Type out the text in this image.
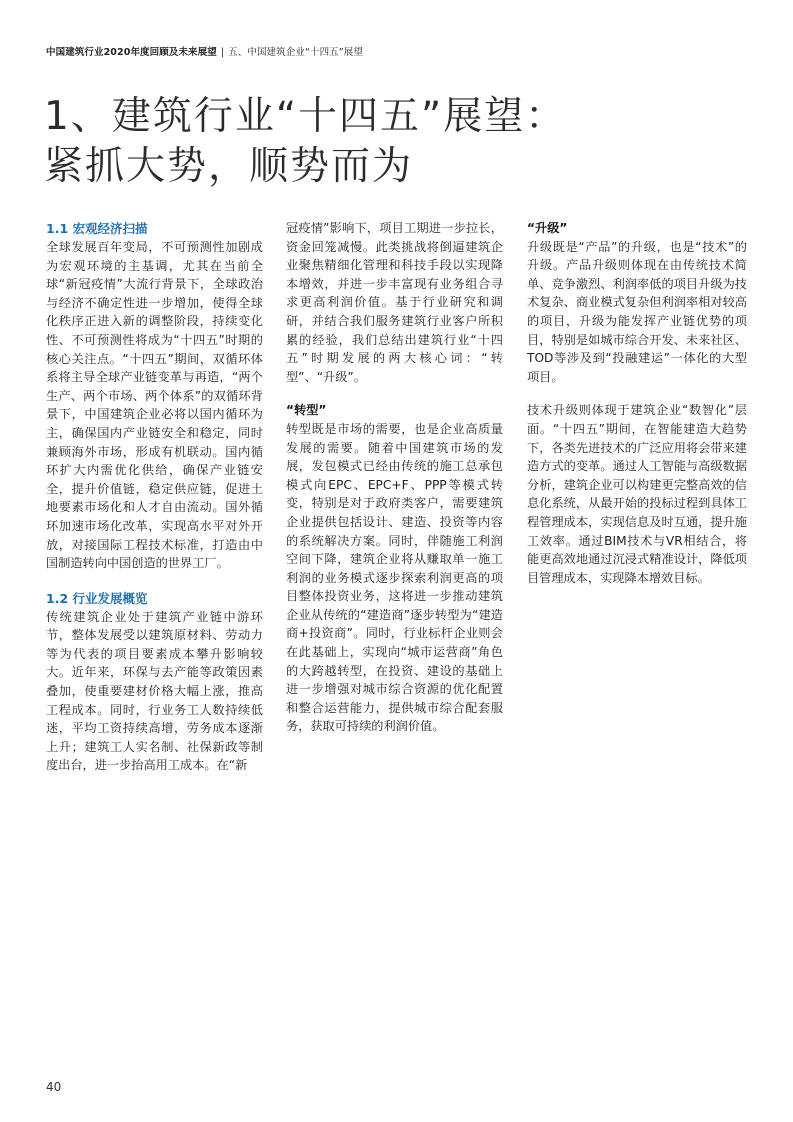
中国建筑行业2020年度回顾及未来展望 | 五、中国建筑企业“十四五”展望
1、建筑行业“十四五”展望：
紧抓大势，顺势而为
1.1 宏观经济扫描

全球发展百年变局，不可预测性加剧成为宏观环境的主基调，尤其在当前全球“新冠疫情”大流行背景下，全球政治与经济不确定性进一步增加，使得全球化秩序正进入新的调整阶段，持续变化性、不可预测性将成为“十四五”时期的核心关注点。“十四五”期间，双循环体系将主导全球产业链变革与再造，“两个生产、两个市场、两个体系”的双循环背景下，中国建筑企业必将以国内循环为主，确保国内产业链安全和稳定，同时兼顾海外市场，形成有机联动。国内循环扩大内需优化供给，确保产业链安全，提升价值链，稳定供应链，促进土地要素市场化和人才自由流动。国外循环加速市场化改革，实现高水平对外开放，对接国际工程技术标准，打造由中国制造转向中国创造的世界工厂。

1.2 行业发展概览

传统建筑企业处于建筑产业链中游环节，整体发展受以建筑原材料、劳动力等为代表的项目要素成本攀升影响较大。近年来，环保与去产能等政策因素叠加，使重要建材价格大幅上涨，推高工程成本。同时，行业务工人数持续低迷，平均工资持续高增，劳务成本逐渐上升；建筑工人实名制、社保新政等制度出台，进一步抬高用工成本。在“新

冠疫情”影响下，项目工期进一步拉长，资金回笼减慢。此类挑战将倒逼建筑企业聚焦精细化管理和科技手段以实现降本增效，并进一步丰富现有业务组合寻求更高利润价值。基于行业研究和调研，并结合我们服务建筑行业客户所积累的经验，我们总结出建筑行业“十四五”时期发展的两大核心词：“转型”、“升级”。

“转型”

转型既是市场的需要，也是企业高质量发展的需要。随着中国建筑市场的发展，发包模式已经由传统的施工总承包模式向EPC、EPC+F、PPP等模式转变，特别是对于政府类客户，需要建筑企业提供包括设计、建造、投资等内容的系统解决方案。同时，伴随施工利润空间下降，建筑企业将从赚取单一施工利润的业务模式逐步探索利润更高的项目整体投资业务，这将进一步推动建筑企业从传统的“建造商”逐步转型为“建造商+投资商”。同时，行业标杆企业则会在此基础上，实现向“城市运营商”角色的大跨越转型，在投资、建设的基础上进一步增强对城市综合资源的优化配置和整合运营能力，提供城市综合配套服务，获取可持续的利润价值。

“升级”

升级既是“产品”的升级，也是“技术”的升级。产品升级则体现在由传统技术简单、竞争激烈、利润率低的项目升级为技术复杂、商业模式复杂但利润率相对较高的项目，升级为能发挥产业链优势的项目，特别是如城市综合开发、未来社区、TOD等涉及到“投融建运”一体化的大型项目。

技术升级则体现于建筑企业“数智化”层面。“十四五”期间，在智能建造大趋势下，各类先进技术的广泛应用将会带来建造方式的变革。通过人工智能与高级数据分析，建筑企业可以构建更完整高效的信息化系统，从最开始的投标过程到具体工程管理成本，实现信息及时互通，提升施工效率。通过BIM技术与VR相结合，将能更高效地通过沉浸式精准设计，降低项目管理成本，实现降本增效目标。

40
